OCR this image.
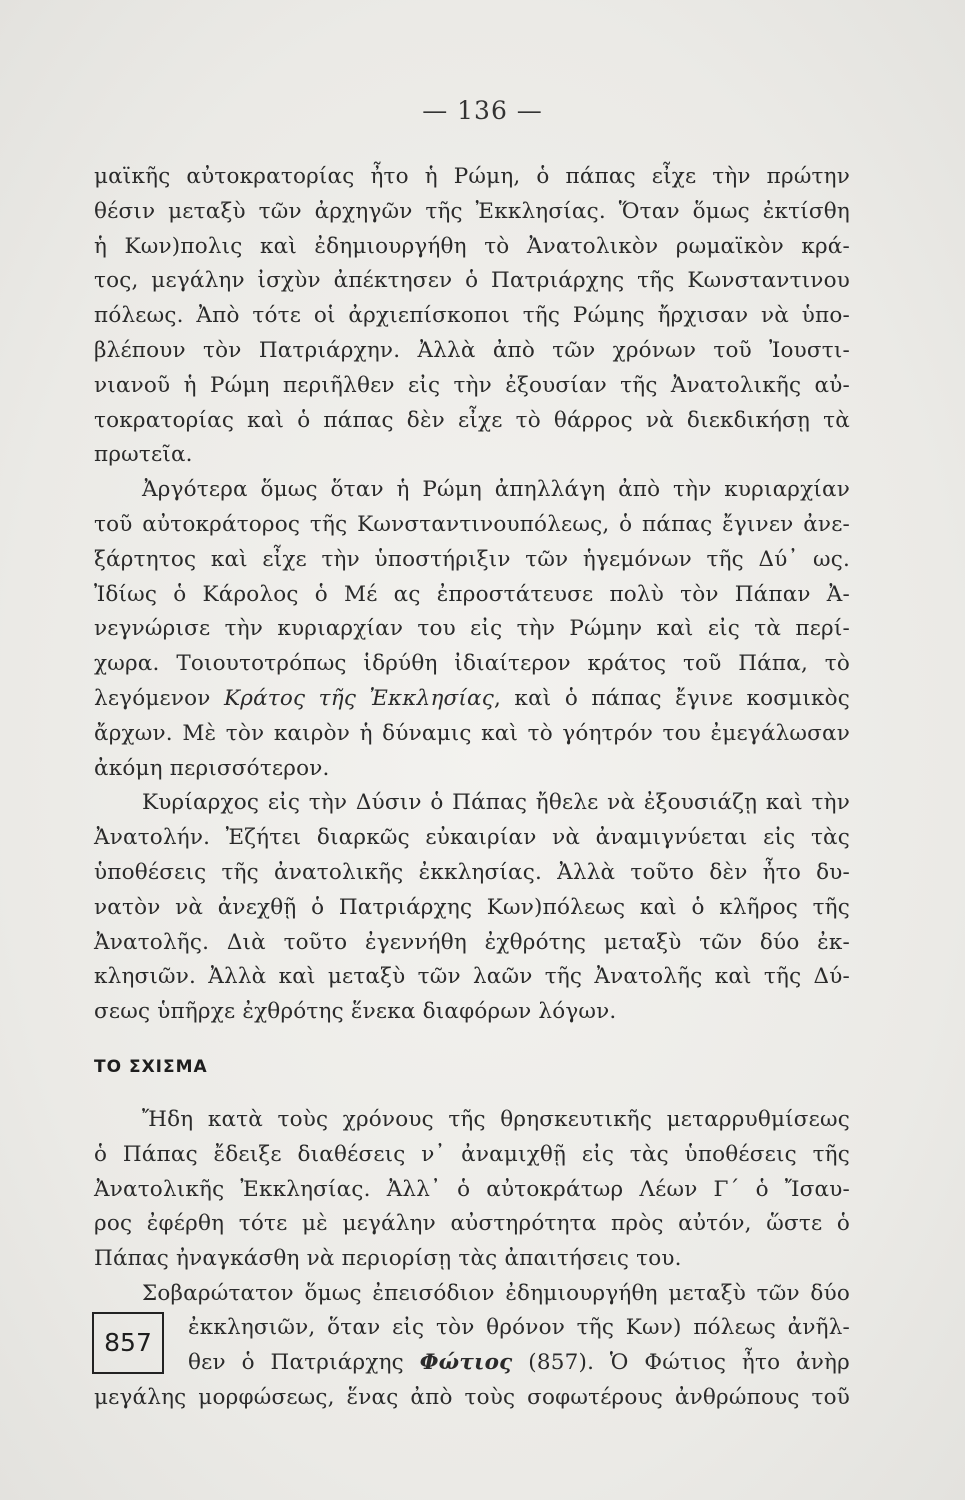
— 136 —
μαϊκῆς αὐτοκρατορίας ἦτο ἡ Ρώμη, ὁ πάπας εἶχε τὴν πρώτην
θέσιν μεταξὺ τῶν ἀρχηγῶν τῆς Ἐκκλησίας. Ὅταν ὅμως ἐκτίσθη
ἡ Κων)πολις καὶ ἐδημιουργήθη τὸ Ἀνατολικὸν ρωμαϊκὸν κρά-
τος, μεγάλην ἰσχὺν ἀπέκτησεν ὁ Πατριάρχης τῆς Κωνσταντινου
πόλεως. Ἀπὸ τότε οἱ ἀρχιεπίσκοποι τῆς Ρώμης ἤρχισαν νὰ ὑπο-
βλέπουν τὸν Πατριάρχην. Ἀλλὰ ἀπὸ τῶν χρόνων τοῦ Ἰουστι-
νιανοῦ ἡ Ρώμη περιῆλθεν εἰς τὴν ἐξουσίαν τῆς Ἀνατολικῆς αὐ-
τοκρατορίας καὶ ὁ πάπας δὲν εἶχε τὸ θάρρος νὰ διεκδικήσῃ τὰ
πρωτεῖα.
Ἀργότερα ὅμως ὅταν ἡ Ρώμη ἀπηλλάγη ἀπὸ τὴν κυριαρχίαν
τοῦ αὐτοκράτορος τῆς Κωνσταντινουπόλεως, ὁ πάπας ἔγινεν ἀνε-
ξάρτητος καὶ εἶχε τὴν ὑποστήριξιν τῶν ἡγεμόνων τῆς Δύ᾽ ως.
Ἰδίως ὁ Κάρολος ὁ Μέ ας ἐπροστάτευσε πολὺ τὸν Πάπαν Ἀ-
νεγνώρισε τὴν κυριαρχίαν του εἰς τὴν Ρώμην καὶ εἰς τὰ περί-
χωρα. Τοιουτοτρόπως ἱδρύθη ἰδιαίτερον κράτος τοῦ Πάπα, τὸ
λεγόμενον Κράτος τῆς Ἐκκλησίας, καὶ ὁ πάπας ἔγινε κοσμικὸς
ἄρχων. Μὲ τὸν καιρὸν ἡ δύναμις καὶ τὸ γόητρόν του ἐμεγάλωσαν
ἀκόμη περισσότερον.
Κυρίαρχος εἰς τὴν Δύσιν ὁ Πάπας ἤθελε νὰ ἐξουσιάζῃ καὶ τὴν
Ἀνατολήν. Ἐζήτει διαρκῶς εὐκαιρίαν νὰ ἀναμιγνύεται εἰς τὰς
ὑποθέσεις τῆς ἀνατολικῆς ἐκκλησίας. Ἀλλὰ τοῦτο δὲν ἦτο δυ-
νατὸν νὰ ἀνεχθῇ ὁ Πατριάρχης Κων)πόλεως καὶ ὁ κλῆρος τῆς
Ἀνατολῆς. Διὰ τοῦτο ἐγεννήθη ἐχθρότης μεταξὺ τῶν δύο ἐκ-
κλησιῶν. Ἀλλὰ καὶ μεταξὺ τῶν λαῶν τῆς Ἀνατολῆς καὶ τῆς Δύ-
σεως ὑπῆρχε ἐχθρότης ἕνεκα διαφόρων λόγων.
ΤΟ ΣΧΙΣΜΑ
Ἤδη κατὰ τοὺς χρόνους τῆς θρησκευτικῆς μεταρρυθμίσεως
ὁ Πάπας ἔδειξε διαθέσεις ν᾽ ἀναμιχθῇ εἰς τὰς ὑποθέσεις τῆς
Ἀνατολικῆς Ἐκκλησίας. Ἀλλ᾽ ὁ αὐτοκράτωρ Λέων Γ´ ὁ Ἴσαυ-
ρος ἐφέρθη τότε μὲ μεγάλην αὐστηρότητα πρὸς αὐτόν, ὥστε ὁ
Πάπας ἠναγκάσθη νὰ περιορίσῃ τὰς ἀπαιτήσεις του.
Σοβαρώτατον ὅμως ἐπεισόδιον ἐδημιουργήθη μεταξὺ τῶν δύο
857
ἐκκλησιῶν, ὅταν εἰς τὸν θρόνον τῆς Κων) πόλεως ἀνῆλ-
θεν ὁ Πατριάρχης Φώτιος (857). Ὁ Φώτιος ἦτο ἀνὴρ
μεγάλης μορφώσεως, ἕνας ἀπὸ τοὺς σοφωτέρους ἀνθρώπους τοῦ
